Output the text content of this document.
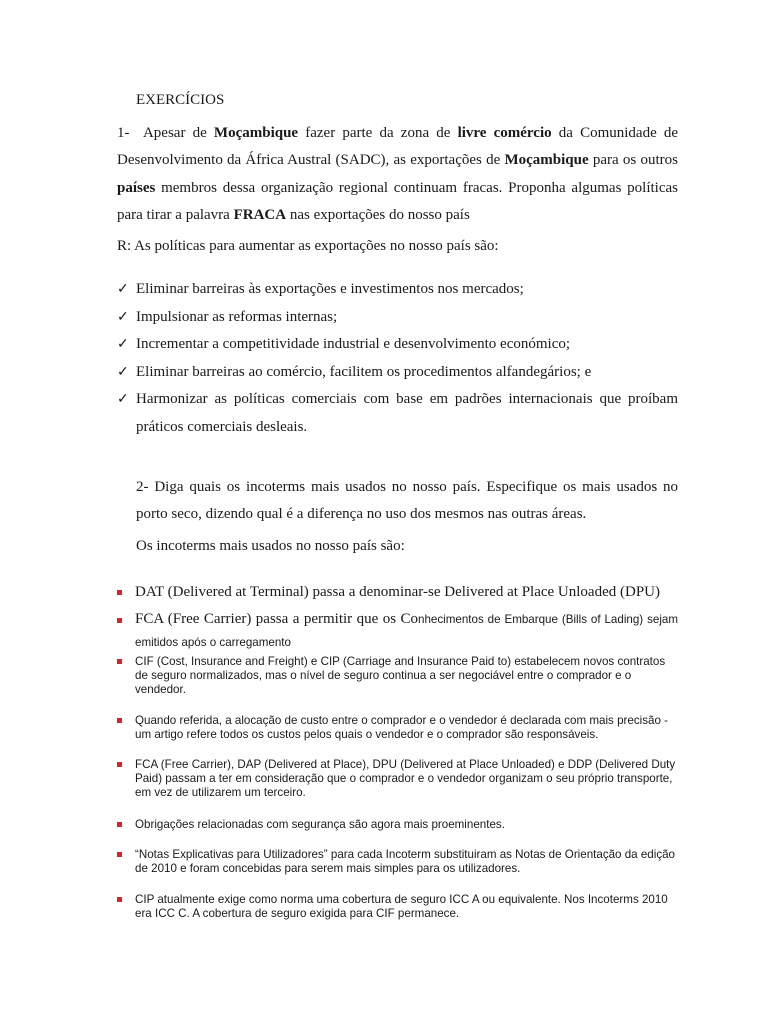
EXERCÍCIOS

1- Apesar de Moçambique fazer parte da zona de livre comércio da Comunidade de Desenvolvimento da África Austral (SADC), as exportações de Moçambique para os outros países membros dessa organização regional continuam fracas. Proponha algumas políticas para tirar a palavra FRACA nas exportações do nosso país

R: As políticas para aumentar as exportações no nosso país são:
✓ Eliminar barreiras às exportações e investimentos nos mercados;
✓ Impulsionar as reformas internas;
✓ Incrementar a competitividade industrial e desenvolvimento económico;
✓ Eliminar barreiras ao comércio, facilitem os procedimentos alfandegários; e
✓ Harmonizar as políticas comerciais com base em padrões internacionais que proíbam práticos comerciais desleais.

2- Diga quais os incoterms mais usados no nosso país. Especifique os mais usados no porto seco, dizendo qual é a diferença no uso dos mesmos nas outras áreas.

Os incoterms mais usados no nosso país são:
DAT (Delivered at Terminal) passa a denominar-se Delivered at Place Unloaded (DPU)
FCA (Free Carrier) passa a permitir que os Conhecimentos de Embarque (Bills of Lading) sejam emitidos após o carregamento
CIF (Cost, Insurance and Freight) e CIP (Carriage and Insurance Paid to) estabelecem novos contratos de seguro normalizados, mas o nível de seguro continua a ser negociável entre o comprador e o vendedor.
Quando referida, a alocação de custo entre o comprador e o vendedor é declarada com mais precisão - um artigo refere todos os custos pelos quais o vendedor e o comprador são responsáveis.
FCA (Free Carrier), DAP (Delivered at Place), DPU (Delivered at Place Unloaded) e DDP (Delivered Duty Paid) passam a ter em consideração que o comprador e o vendedor organizam o seu próprio transporte, em vez de utilizarem um terceiro.
Obrigações relacionadas com segurança são agora mais proeminentes.
“Notas Explicativas para Utilizadores” para cada Incoterm substituiram as Notas de Orientação da edição de 2010 e foram concebidas para serem mais simples para os utilizadores.
CIP atualmente exige como norma uma cobertura de seguro ICC A ou equivalente. Nos Incoterms 2010 era ICC C. A cobertura de seguro exigida para CIF permanece.
